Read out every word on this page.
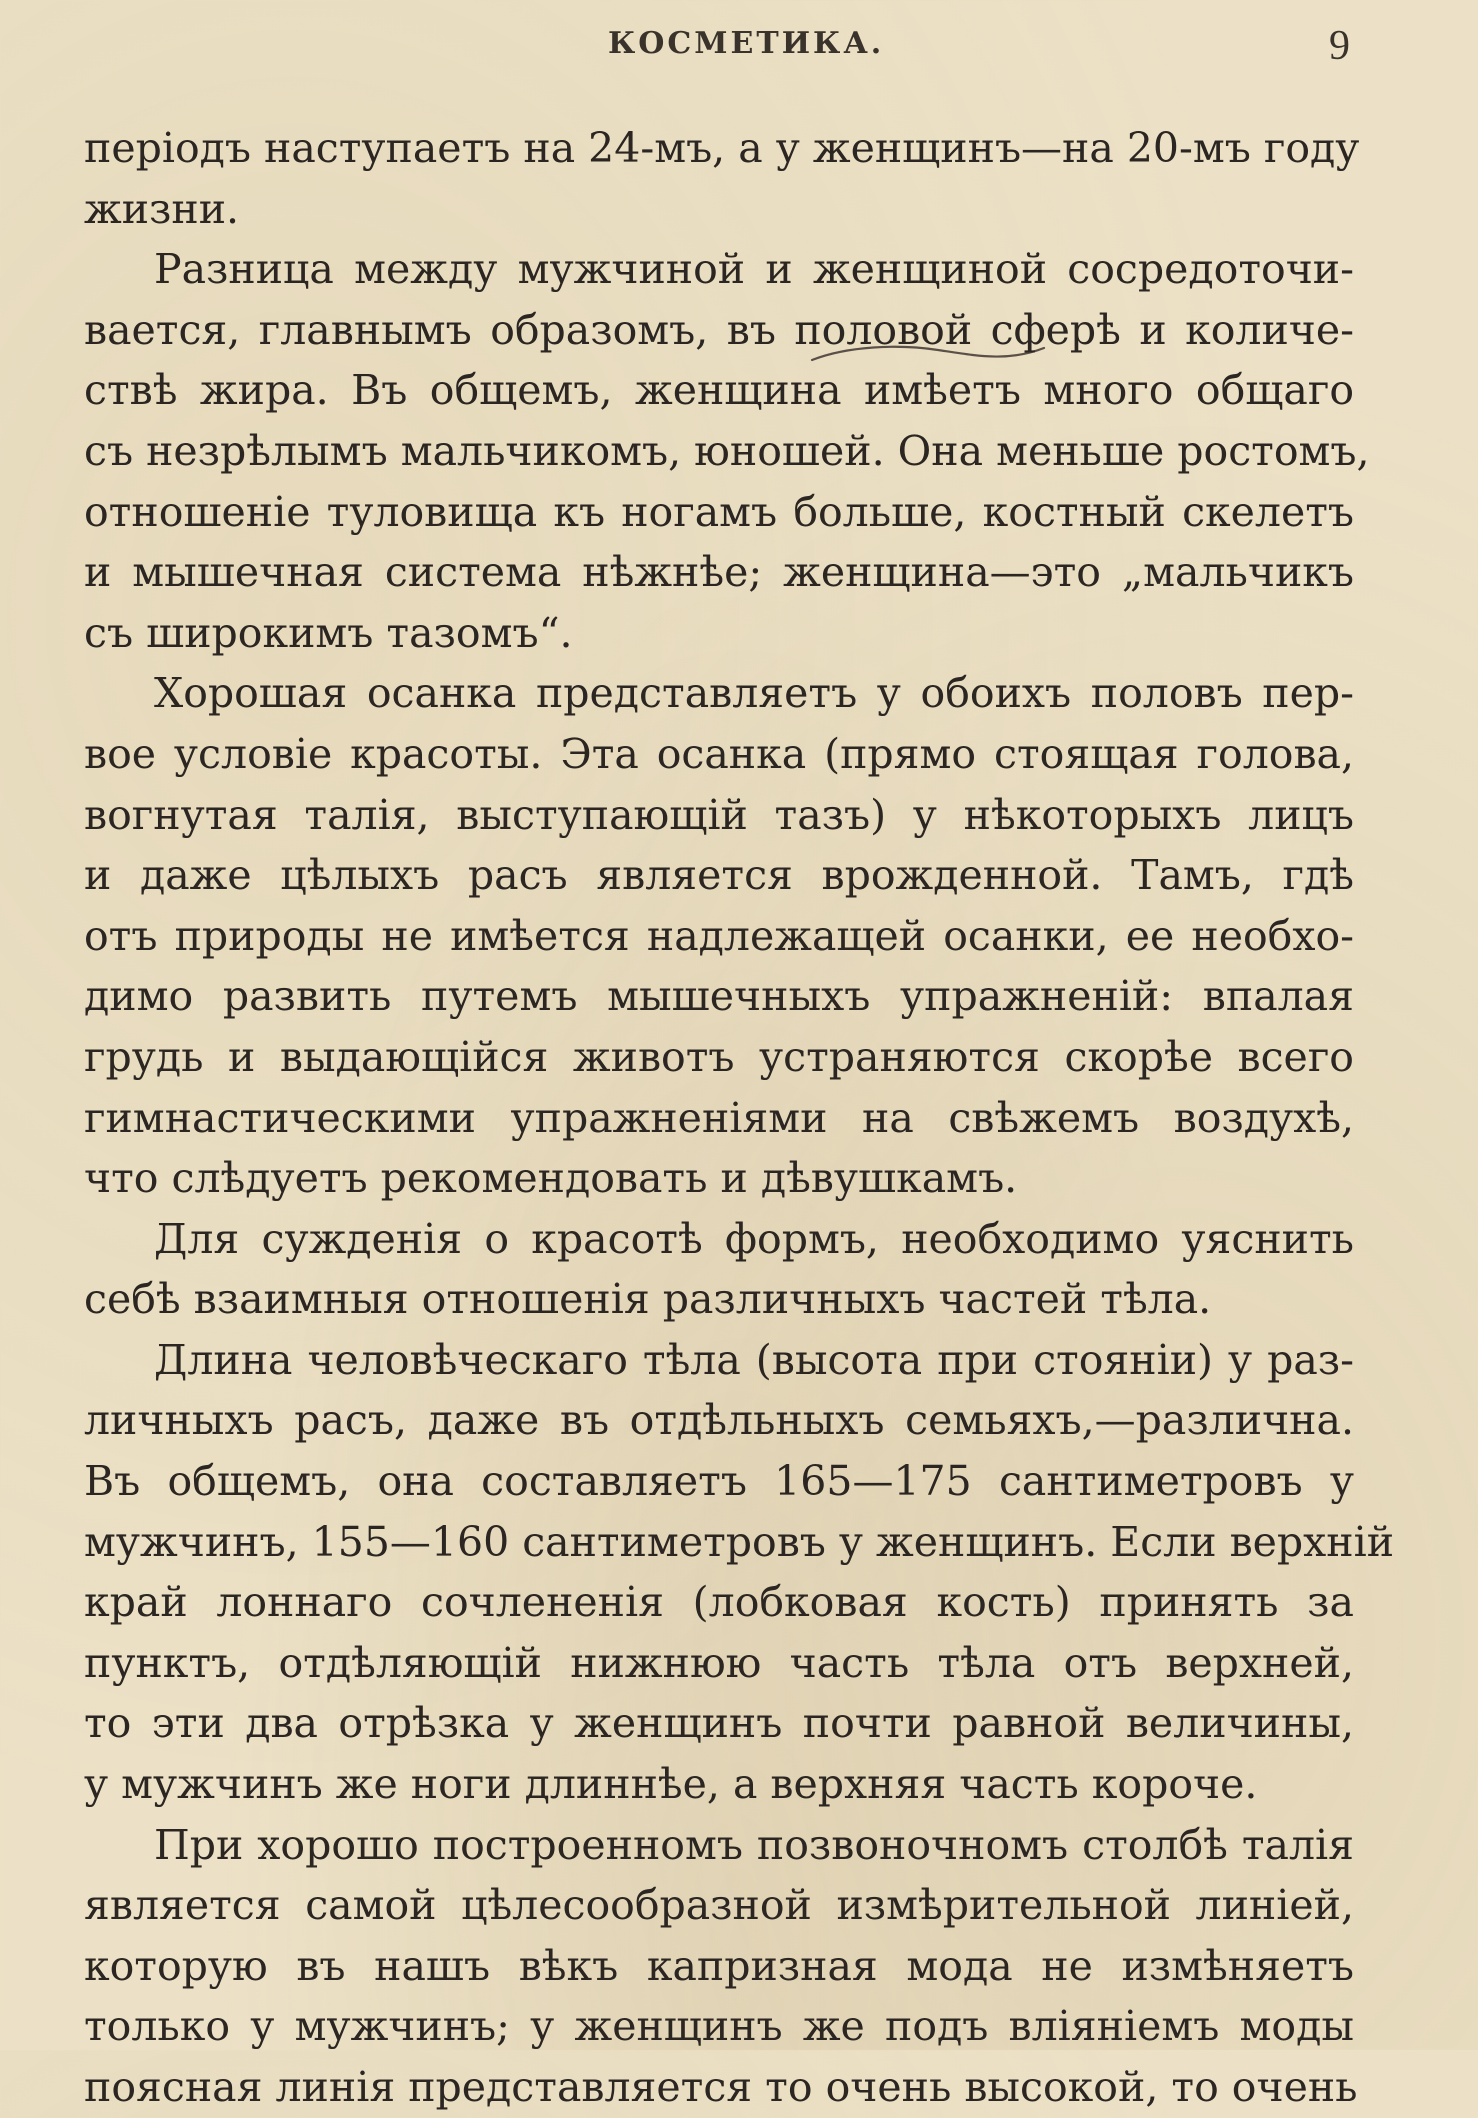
КОСМЕТИКА.	9
періодъ наступаетъ на 24-мъ, а у женщинъ—на 20-мъ году
жизни.
Разница между мужчиной и женщиной сосредоточи-
вается, главнымъ образомъ, въ половой сферѣ и количе-
ствѣ жира. Въ общемъ, женщина имѣетъ много общаго
съ незрѣлымъ мальчикомъ, юношей. Она меньше ростомъ,
отношеніе туловища къ ногамъ больше, костный скелетъ
и мышечная система нѣжнѣе; женщина—это „мальчикъ
съ широкимъ тазомъ“.
Хорошая осанка представляетъ у обоихъ половъ пер-
вое условіе красоты. Эта осанка (прямо стоящая голова,
вогнутая талія, выступающій тазъ) у нѣкоторыхъ лицъ
и даже цѣлыхъ расъ является врожденной. Тамъ, гдѣ
отъ природы не имѣется надлежащей осанки, ее необхо-
димо развить путемъ мышечныхъ упражненій: впалая
грудь и выдающійся животъ устраняются скорѣе всего
гимнастическими упражненіями на свѣжемъ воздухѣ,
что слѣдуетъ рекомендовать и дѣвушкамъ.
Для сужденія о красотѣ формъ, необходимо уяснить
себѣ взаимныя отношенія различныхъ частей тѣла.
Длина человѣческаго тѣла (высота при стояніи) у раз-
личныхъ расъ, даже въ отдѣльныхъ семьяхъ,—различна.
Въ общемъ, она составляетъ 165—175 сантиметровъ у
мужчинъ, 155—160 сантиметровъ у женщинъ. Если верхній
край лоннаго сочлененія (лобковая кость) принять за
пунктъ, отдѣляющій нижнюю часть тѣла отъ верхней,
то эти два отрѣзка у женщинъ почти равной величины,
у мужчинъ же ноги длиннѣе, а верхняя часть короче.
При хорошо построенномъ позвоночномъ столбѣ талія
является самой цѣлесообразной измѣрительной линіей,
которую въ нашъ вѣкъ капризная мода не измѣняетъ
только у мужчинъ; у женщинъ же подъ вліяніемъ моды
поясная линія представляется то очень высокой, то очень
